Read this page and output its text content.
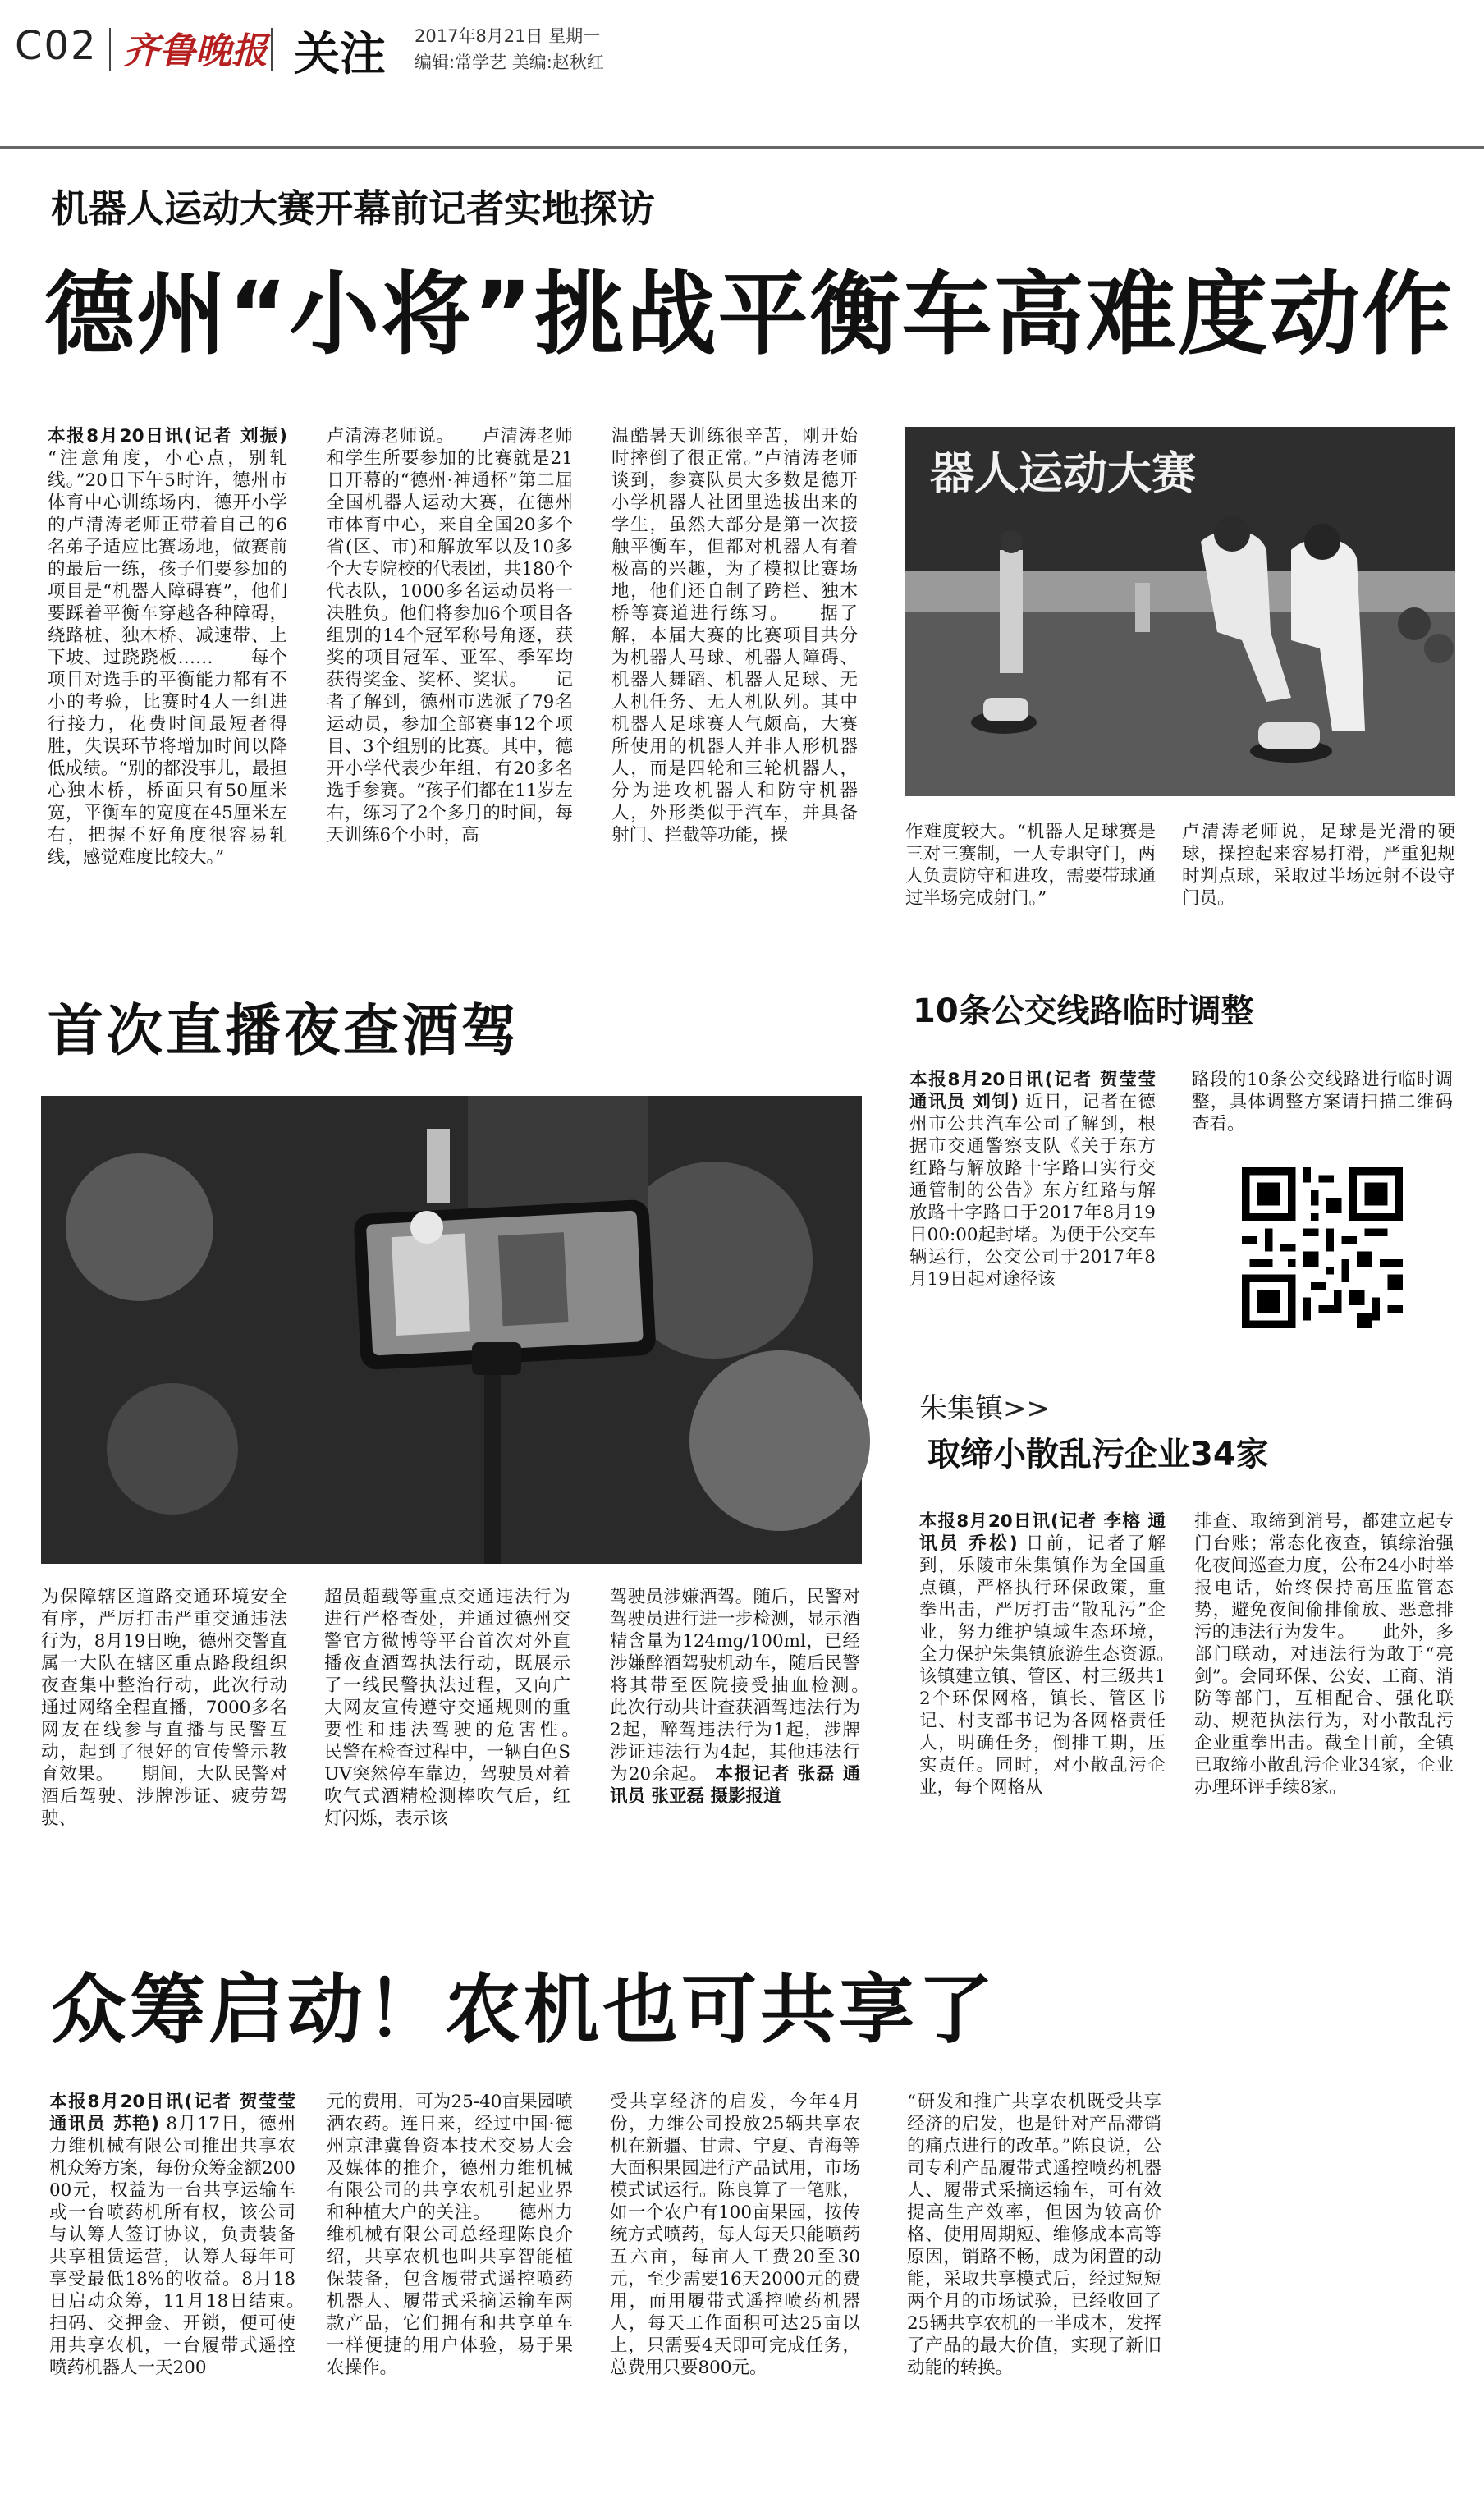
C02 齐鲁晚报 关注 2017年8月21日 星期一
编辑:常学艺 美编:赵秋红
机器人运动大赛开幕前记者实地探访
德州“小将”挑战平衡车高难度动作
本报8月20日讯(记者 刘振) “注意角度，小心点，别轧线。”20日下午5时许，德州市体育中心训练场内，德开小学的卢清涛老师正带着自己的6名弟子适应比赛场地，做赛前的最后一练，孩子们要参加的项目是“机器人障碍赛”，他们要踩着平衡车穿越各种障碍，绕路桩、独木桥、减速带、上下坡、过跷跷板……　　每个项目对选手的平衡能力都有不小的考验，比赛时4人一组进行接力，花费时间最短者得胜，失误环节将增加时间以降低成绩。“别的都没事儿，最担心独木桥，桥面只有50厘米宽，平衡车的宽度在45厘米左右，把握不好角度很容易轧线，感觉难度比较大。”
卢清涛老师说。　　卢清涛老师和学生所要参加的比赛就是21日开幕的“德州·神通杯”第二届全国机器人运动大赛，在德州市体育中心，来自全国20多个省(区、市)和解放军以及10多个大专院校的代表团，共180个代表队，1000多名运动员将一决胜负。他们将参加6个项目各组别的14个冠军称号角逐，获奖的项目冠军、亚军、季军均获得奖金、奖杯、奖状。　　记者了解到，德州市选派了79名运动员，参加全部赛事12个项目、3个组别的比赛。其中，德开小学代表少年组，有20多名选手参赛。“孩子们都在11岁左右，练习了2个多月的时间，每天训练6个小时，高
温酷暑天训练很辛苦，刚开始时摔倒了很正常。”卢清涛老师谈到，参赛队员大多数是德开小学机器人社团里选拔出来的学生，虽然大部分是第一次接触平衡车，但都对机器人有着极高的兴趣，为了模拟比赛场地，他们还自制了跨栏、独木桥等赛道进行练习。　　据了解，本届大赛的比赛项目共分为机器人马球、机器人障碍、机器人舞蹈、机器人足球、无人机任务、无人机队列。其中机器人足球赛人气颇高，大赛所使用的机器人并非人形机器人，而是四轮和三轮机器人，分为进攻机器人和防守机器人，外形类似于汽车，并具备射门、拦截等功能，操
器人运动大赛
作难度较大。“机器人足球赛是三对三赛制，一人专职守门，两人负责防守和进攻，需要带球通过半场完成射门。”
卢清涛老师说，足球是光滑的硬球，操控起来容易打滑，严重犯规时判点球，采取过半场远射不设守门员。
首次直播夜查酒驾
为保障辖区道路交通环境安全有序，严厉打击严重交通违法行为，8月19日晚，德州交警直属一大队在辖区重点路段组织夜查集中整治行动，此次行动通过网络全程直播，7000多名网友在线参与直播与民警互动，起到了很好的宣传警示教育效果。　　期间，大队民警对酒后驾驶、涉牌涉证、疲劳驾驶、
超员超载等重点交通违法行为进行严格查处，并通过德州交警官方微博等平台首次对外直播夜查酒驾执法行动，既展示了一线民警执法过程，又向广大网友宣传遵守交通规则的重要性和违法驾驶的危害性。　　民警在检查过程中，一辆白色SUV突然停车靠边，驾驶员对着吹气式酒精检测棒吹气后，红灯闪烁，表示该
驾驶员涉嫌酒驾。随后，民警对驾驶员进行进一步检测，显示酒精含量为124mg/100ml，已经涉嫌醉酒驾驶机动车，随后民警将其带至医院接受抽血检测。　　此次行动共计查获酒驾违法行为2起，醉驾违法行为1起，涉牌涉证违法行为4起，其他违法行为20余起。 本报记者 张磊 通讯员 张亚磊 摄影报道
10条公交线路临时调整
本报8月20日讯(记者 贺莹莹 通讯员 刘钊) 近日，记者在德州市公共汽车公司了解到，根据市交通警察支队《关于东方红路与解放路十字路口实行交通管制的公告》东方红路与解放路十字路口于2017年8月19日00:00起封堵。为便于公交车辆运行，公交公司于2017年8月19日起对途径该
路段的10条公交线路进行临时调整，具体调整方案请扫描二维码查看。
朱集镇>>
取缔小散乱污企业34家
本报8月20日讯(记者 李榕 通讯员 乔松) 日前，记者了解到，乐陵市朱集镇作为全国重点镇，严格执行环保政策，重拳出击，严厉打击“散乱污”企业，努力维护镇域生态环境，全力保护朱集镇旅游生态资源。　　该镇建立镇、管区、村三级共12个环保网格，镇长、管区书记、村支部书记为各网格责任人，明确任务，倒排工期，压实责任。同时，对小散乱污企业，每个网格从
排查、取缔到消号，都建立起专门台账；常态化夜查，镇综治强化夜间巡查力度，公布24小时举报电话，始终保持高压监管态势，避免夜间偷排偷放、恶意排污的违法行为发生。　　此外，多部门联动，对违法行为敢于“亮剑”。会同环保、公安、工商、消防等部门，互相配合、强化联动、规范执法行为，对小散乱污企业重拳出击。截至目前，全镇已取缔小散乱污企业34家，企业办理环评手续8家。
众筹启动！农机也可共享了
本报8月20日讯(记者 贺莹莹 通讯员 苏艳) 8月17日，德州力维机械有限公司推出共享农机众筹方案，每份众筹金额20000元，权益为一台共享运输车或一台喷药机所有权，该公司与认筹人签订协议，负责装备共享租赁运营，认筹人每年可享受最低18%的收益。8月18日启动众筹，11月18日结束。　　扫码、交押金、开锁，便可使用共享农机，一台履带式遥控喷药机器人一天200
元的费用，可为25-40亩果园喷洒农药。连日来，经过中国·德州京津冀鲁资本技术交易大会及媒体的推介，德州力维机械有限公司的共享农机引起业界和种植大户的关注。　　德州力维机械有限公司总经理陈良介绍，共享农机也叫共享智能植保装备，包含履带式遥控喷药机器人、履带式采摘运输车两款产品，它们拥有和共享单车一样便捷的用户体验，易于果农操作。
受共享经济的启发，今年4月份，力维公司投放25辆共享农机在新疆、甘肃、宁夏、青海等大面积果园进行产品试用，市场模式试运行。陈良算了一笔账，如一个农户有100亩果园，按传统方式喷药，每人每天只能喷药五六亩，每亩人工费20至30元，至少需要16天2000元的费用，而用履带式遥控喷药机器人，每天工作面积可达25亩以上，只需要4天即可完成任务，总费用只要800元。
“研发和推广共享农机既受共享经济的启发，也是针对产品滞销的痛点进行的改革。”陈良说，公司专利产品履带式遥控喷药机器人、履带式采摘运输车，可有效提高生产效率，但因为较高价格、使用周期短、维修成本高等原因，销路不畅，成为闲置的动能，采取共享模式后，经过短短两个月的市场试验，已经收回了25辆共享农机的一半成本，发挥了产品的最大价值，实现了新旧动能的转换。
